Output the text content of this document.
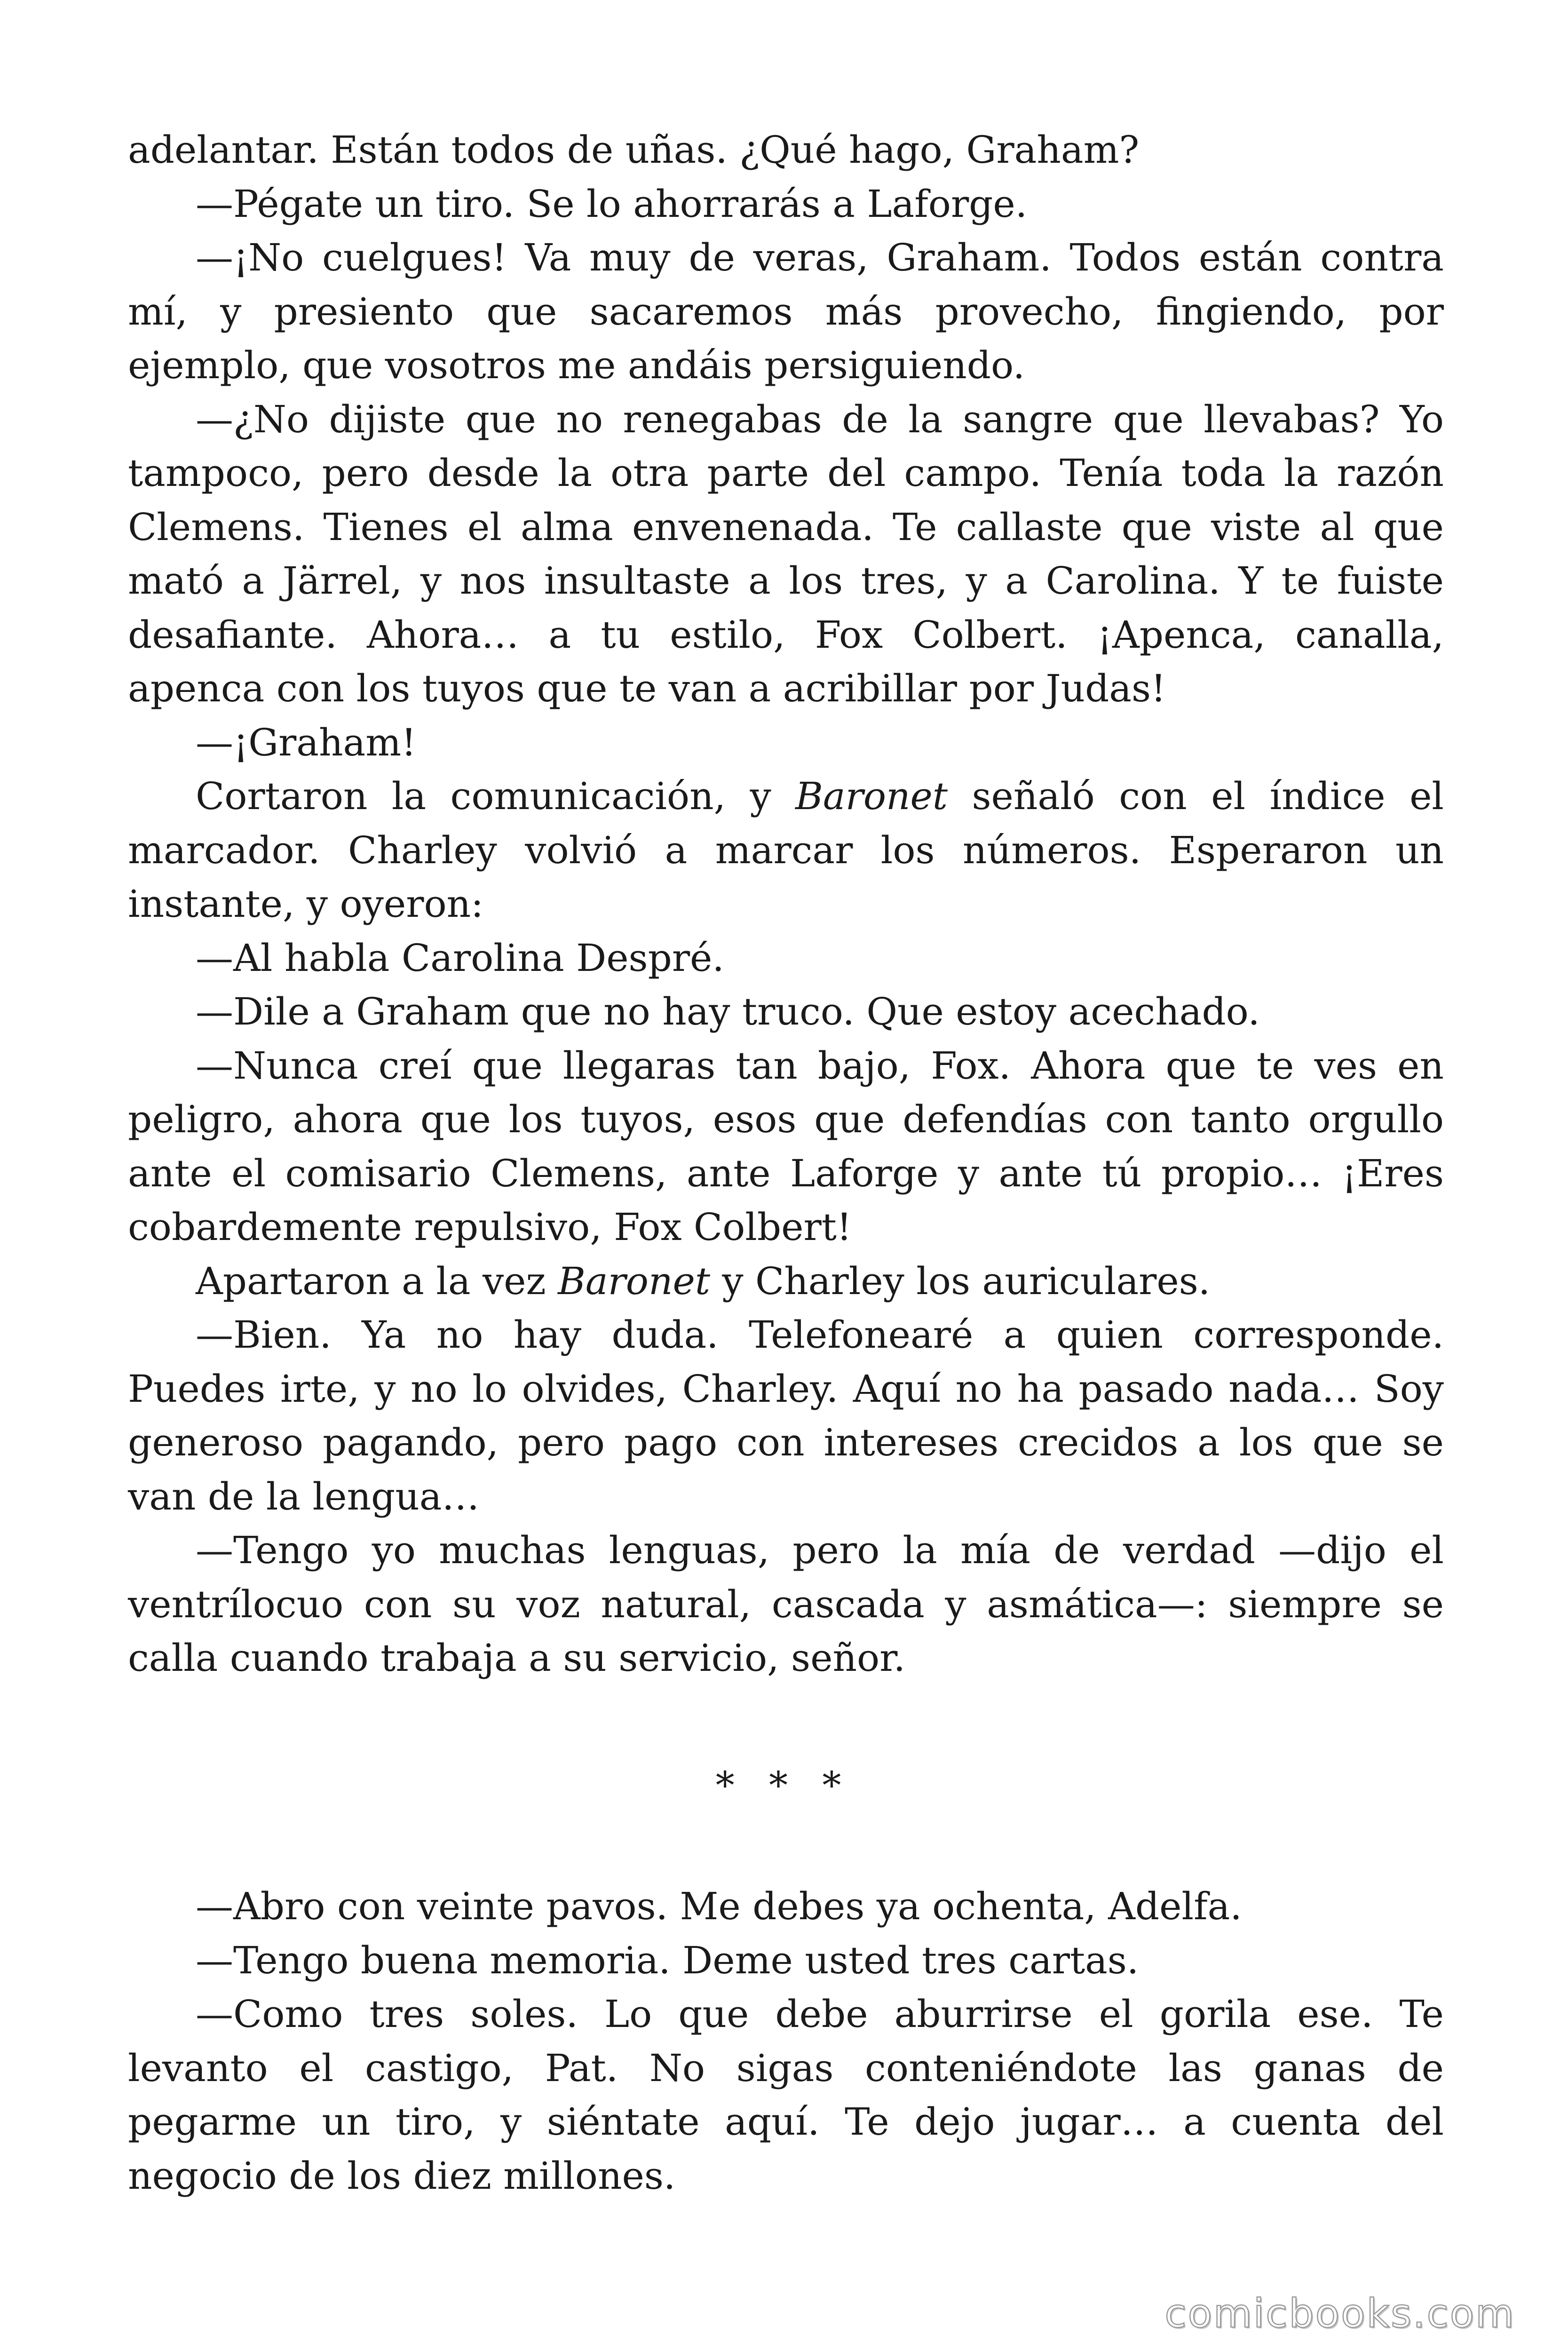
adelantar. Están todos de uñas. ¿Qué hago, Graham?

—Pégate un tiro. Se lo ahorrarás a Laforge.

—¡No cuelgues! Va muy de veras, Graham. Todos están contra mí, y presiento que sacaremos más provecho, fingiendo, por ejemplo, que vosotros me andáis persiguiendo.

—¿No dijiste que no renegabas de la sangre que llevabas? Yo tampoco, pero desde la otra parte del campo. Tenía toda la razón Clemens. Tienes el alma envenenada. Te callaste que viste al que mató a Järrel, y nos insultaste a los tres, y a Carolina. Y te fuiste desafiante. Ahora… a tu estilo, Fox Colbert. ¡Apenca, canalla, apenca con los tuyos que te van a acribillar por Judas!

—¡Graham!

Cortaron la comunicación, y Baronet señaló con el índice el marcador. Charley volvió a marcar los números. Esperaron un instante, y oyeron:

—Al habla Carolina Despré.

—Dile a Graham que no hay truco. Que estoy acechado.

—Nunca creí que llegaras tan bajo, Fox. Ahora que te ves en peligro, ahora que los tuyos, esos que defendías con tanto orgullo ante el comisario Clemens, ante Laforge y ante tú propio… ¡Eres cobardemente repulsivo, Fox Colbert!

Apartaron a la vez Baronet y Charley los auriculares.

—Bien. Ya no hay duda. Telefonearé a quien corresponde. Puedes irte, y no lo olvides, Charley. Aquí no ha pasado nada… Soy generoso pagando, pero pago con intereses crecidos a los que se van de la lengua…

—Tengo yo muchas lenguas, pero la mía de verdad —dijo el ventrílocuo con su voz natural, cascada y asmática—: siempre se calla cuando trabaja a su servicio, señor.

* * *

—Abro con veinte pavos. Me debes ya ochenta, Adelfa.

—Tengo buena memoria. Deme usted tres cartas.

—Como tres soles. Lo que debe aburrirse el gorila ese. Te levanto el castigo, Pat. No sigas conteniéndote las ganas de pegarme un tiro, y siéntate aquí. Te dejo jugar… a cuenta del negocio de los diez millones.

comicbooks.com
